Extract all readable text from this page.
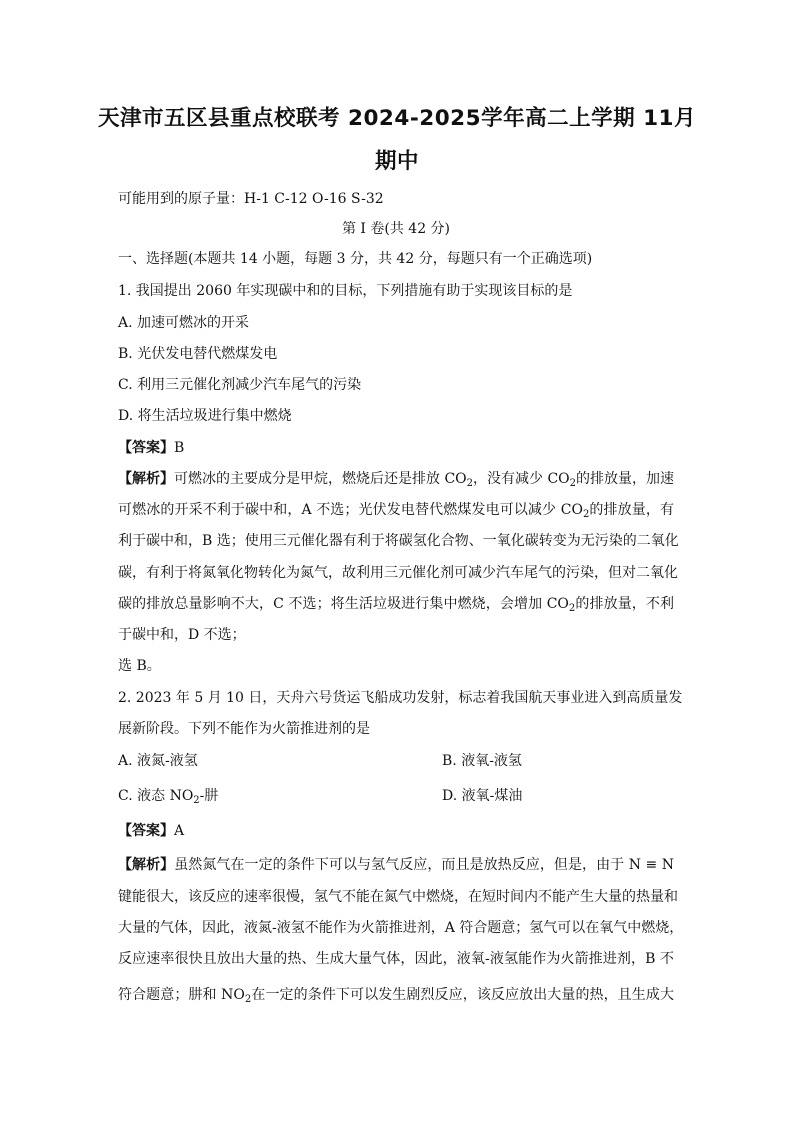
天津市五区县重点校联考 2024-2025学年高二上学期 11月
期中
可能用到的原子量：H-1 C-12 O-16 S-32
第 I 卷(共 42 分)
一、选择题(本题共 14 小题，每题 3 分，共 42 分，每题只有一个正确选项)
1. 我国提出 2060 年实现碳中和的目标，下列措施有助于实现该目标的是
A. 加速可燃冰的开采
B. 光伏发电替代燃煤发电
C. 利用三元催化剂减少汽车尾气的污染
D. 将生活垃圾进行集中燃烧
【答案】B
【解析】可燃冰的主要成分是甲烷，燃烧后还是排放 $CO_2$，没有减少 $CO_2$的排放量，加速
可燃冰的开采不利于碳中和，A 不选；光伏发电替代燃煤发电可以减少 $CO_2$的排放量，有
利于碳中和，B 选；使用三元催化器有利于将碳氢化合物、一氧化碳转变为无污染的二氧化
碳，有利于将氮氧化物转化为氮气，故利用三元催化剂可减少汽车尾气的污染，但对二氧化
碳的排放总量影响不大，C 不选；将生活垃圾进行集中燃烧，会增加 $CO_2$的排放量，不利
于碳中和，D 不选；
选 B。
2. 2023 年 5 月 10 日，天舟六号货运飞船成功发射，标志着我国航天事业进入到高质量发
展新阶段。下列不能作为火箭推进剂的是
A. 液氮-液氢	B. 液氧-液氢
C. 液态 $NO_2-$肼	D. 液氧-煤油
【答案】A
【解析】虽然氮气在一定的条件下可以与氢气反应，而且是放热反应，但是，由于 N ≡ N
键能很大，该反应的速率很慢，氢气不能在氮气中燃烧，在短时间内不能产生大量的热量和
大量的气体，因此，液氮-液氢不能作为火箭推进剂，A 符合题意；氢气可以在氧气中燃烧，
反应速率很快且放出大量的热、生成大量气体，因此，液氧-液氢能作为火箭推进剂，B 不
符合题意；肼和 $NO_2$在一定的条件下可以发生剧烈反应，该反应放出大量的热，且生成大
